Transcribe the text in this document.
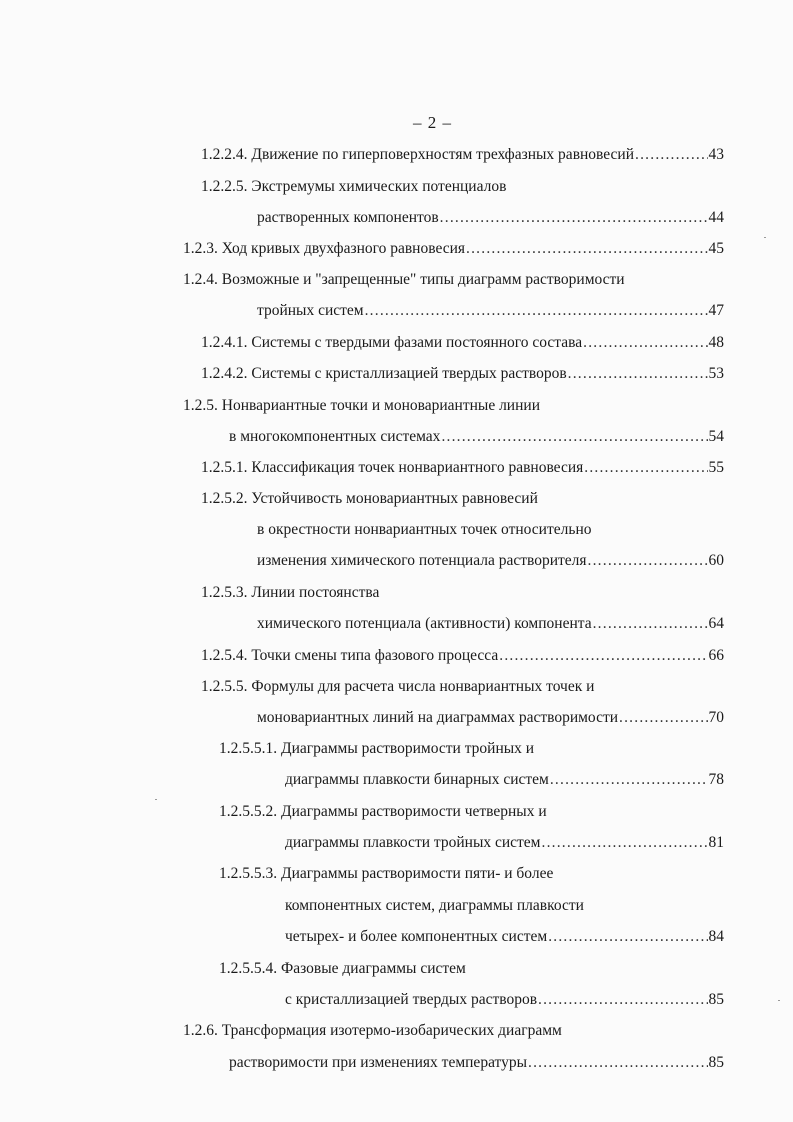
– 2 –
1.2.2.4. Движение по гиперповерхностям трехфазных равновесий .....	43
1.2.2.5. Экстремумы химических потенциалов
растворенных компонентов .....	44
1.2.3. Ход кривых двухфазного равновесия .....	45
1.2.4. Возможные и "запрещенные" типы диаграмм растворимости
тройных систем .....	47
1.2.4.1. Системы с твердыми фазами постоянного состава .....	48
1.2.4.2. Системы с кристаллизацией твердых растворов .....	53
1.2.5. Нонвариантные точки и моновариантные линии
в многокомпонентных системах .....	54
1.2.5.1. Классификация точек нонвариантного равновесия .....	55
1.2.5.2. Устойчивость моновариантных равновесий
в окрестности нонвариантных точек относительно
изменения химического потенциала растворителя .....	60
1.2.5.3. Линии постоянства
химического потенциала (активности) компонента .....	64
1.2.5.4. Точки смены типа фазового процесса .....	66
1.2.5.5. Формулы для расчета числа нонвариантных точек и
моновариантных линий на диаграммах растворимости .....	70
1.2.5.5.1. Диаграммы растворимости тройных и
диаграммы плавкости бинарных систем .....	78
1.2.5.5.2. Диаграммы растворимости четверных и
диаграммы плавкости тройных систем .....	81
1.2.5.5.3. Диаграммы растворимости пяти- и более
компонентных систем, диаграммы плавкости
четырех- и более компонентных систем .....	84
1.2.5.5.4. Фазовые диаграммы систем
с кристаллизацией твердых растворов .....	85
1.2.6. Трансформация изотермо-изобарических диаграмм
растворимости при изменениях температуры .....	85
